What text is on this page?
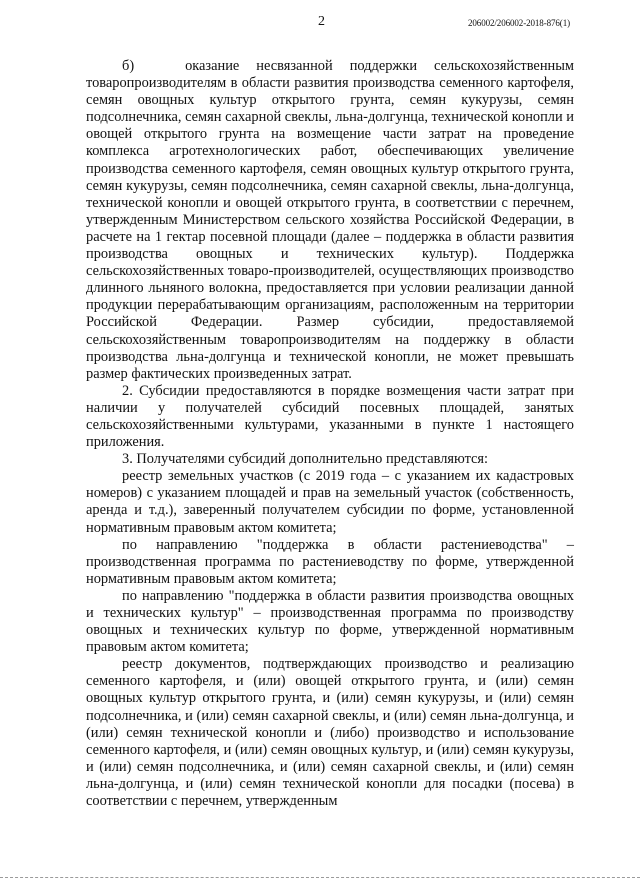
2	206002/206002-2018-876(1)

б)   оказание несвязанной поддержки сельскохозяйственным товаропроизводителям в области развития производства семенного картофеля, семян овощных культур открытого грунта, семян кукурузы, семян подсолнечника, семян сахарной свеклы, льна-долгунца, технической конопли и овощей открытого грунта на возмещение части затрат на проведение комплекса агротехнологических работ, обеспечивающих увеличение производства семенного картофеля, семян овощных культур открытого грунта, семян кукурузы, семян подсолнечника, семян сахарной свеклы, льна-долгунца, технической конопли и овощей открытого грунта, в соответствии с перечнем, утвержденным Министерством сельского хозяйства Российской Федерации, в расчете на 1 гектар посевной площади (далее – поддержка в области развития производства овощных и технических культур). Поддержка сельскохозяйственных товаро-производителей, осуществляющих производство длинного льняного волокна, предоставляется при условии реализации данной продукции перерабатывающим организациям, расположенным на территории Российской Федерации. Размер субсидии, предоставляемой сельскохозяйственным товаропроизводителям на поддержку в области производства льна-долгунца и технической конопли, не может превышать размер фактических произведенных затрат.

2. Субсидии предоставляются в порядке возмещения части затрат при наличии у получателей субсидий посевных площадей, занятых сельскохозяйственными культурами, указанными в пункте 1 настоящего приложения.

3. Получателями субсидий дополнительно представляются:

реестр земельных участков (с 2019 года – с указанием их кадастровых номеров) с указанием площадей и прав на земельный участок (собственность, аренда и т.д.), заверенный получателем субсидии по форме, установленной нормативным правовым актом комитета;

по направлению "поддержка в области растениеводства" – производственная программа по растениеводству по форме, утвержденной нормативным правовым актом комитета;

по направлению "поддержка в области развития производства овощных и технических культур" – производственная программа по производству овощных и технических культур по форме, утвержденной нормативным правовым актом комитета;

реестр документов, подтверждающих производство и реализацию семенного картофеля, и (или) овощей открытого грунта, и (или) семян овощных культур открытого грунта, и (или) семян кукурузы, и (или) семян подсолнечника, и (или) семян сахарной свеклы, и (или) семян льна-долгунца, и (или) семян технической конопли и (либо) производство и использование семенного картофеля, и (или) семян овощных культур, и (или) семян кукурузы, и (или) семян подсолнечника, и (или) семян сахарной свеклы, и (или) семян льна-долгунца, и (или) семян технической конопли для посадки (посева) в соответствии с перечнем, утвержденным
